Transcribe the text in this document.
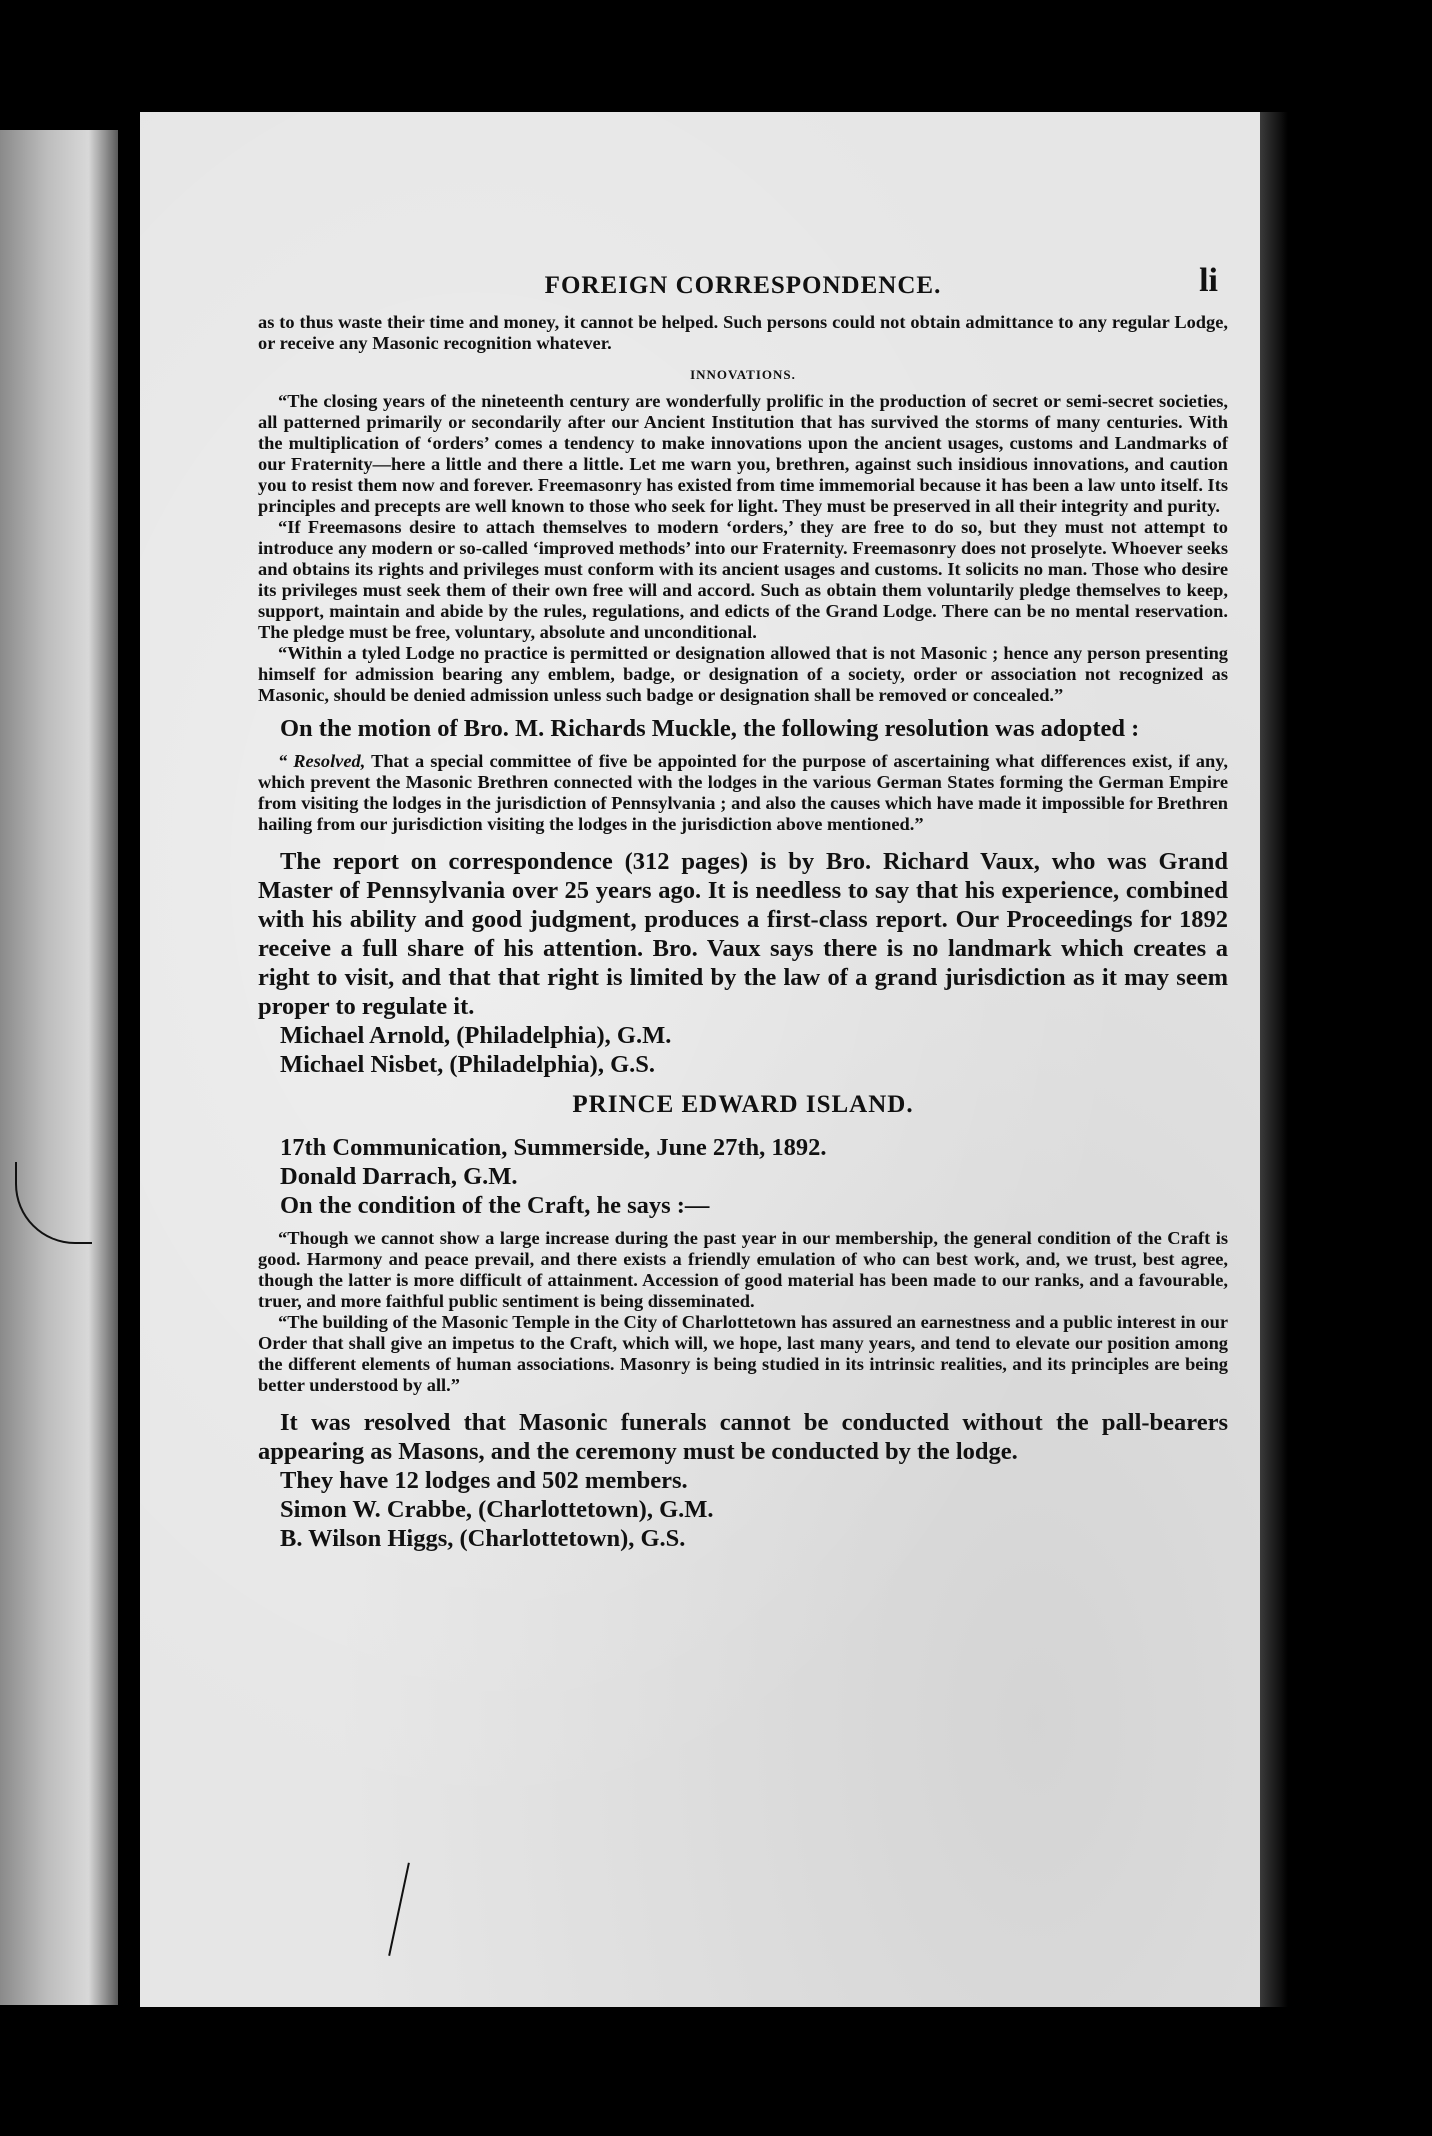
FOREIGN CORRESPONDENCE.	li

as to thus waste their time and money, it cannot be helped. Such persons could not obtain admittance to any regular Lodge, or receive any Masonic recognition whatever.

INNOVATIONS.

“The closing years of the nineteenth century are wonderfully prolific in the production of secret or semi-secret societies, all patterned primarily or secondarily after our Ancient Institution that has survived the storms of many centuries. With the multiplication of ‘orders’ comes a tendency to make innovations upon the ancient usages, customs and Landmarks of our Fraternity—here a little and there a little. Let me warn you, brethren, against such insidious innovations, and caution you to resist them now and forever. Freemasonry has existed from time immemorial because it has been a law unto itself. Its principles and precepts are well known to those who seek for light. They must be preserved in all their integrity and purity.

“If Freemasons desire to attach themselves to modern ‘orders,’ they are free to do so, but they must not attempt to introduce any modern or so-called ‘improved methods’ into our Fraternity. Freemasonry does not proselyte. Whoever seeks and obtains its rights and privileges must conform with its ancient usages and customs. It solicits no man. Those who desire its privileges must seek them of their own free will and accord. Such as obtain them voluntarily pledge themselves to keep, support, maintain and abide by the rules, regulations, and edicts of the Grand Lodge. There can be no mental reservation. The pledge must be free, voluntary, absolute and unconditional.

“Within a tyled Lodge no practice is permitted or designation allowed that is not Masonic ; hence any person presenting himself for admission bearing any emblem, badge, or designation of a society, order or association not recognized as Masonic, should be denied admission unless such badge or designation shall be removed or concealed.”

On the motion of Bro. M. Richards Muckle, the following resolution was adopted :

“ Resolved, That a special committee of five be appointed for the purpose of ascertaining what differences exist, if any, which prevent the Masonic Brethren connected with the lodges in the various German States forming the German Empire from visiting the lodges in the jurisdiction of Pennsylvania ; and also the causes which have made it impossible for Brethren hailing from our jurisdiction visiting the lodges in the jurisdiction above mentioned.”

The report on correspondence (312 pages) is by Bro. Richard Vaux, who was Grand Master of Pennsylvania over 25 years ago. It is needless to say that his experience, combined with his ability and good judgment, produces a first-class report. Our Proceedings for 1892 receive a full share of his attention. Bro. Vaux says there is no landmark which creates a right to visit, and that that right is limited by the law of a grand jurisdiction as it may seem proper to regulate it.

Michael Arnold, (Philadelphia), G.M.

Michael Nisbet, (Philadelphia), G.S.

PRINCE EDWARD ISLAND.

17th Communication, Summerside, June 27th, 1892.

Donald Darrach, G.M.

On the condition of the Craft, he says :—

“Though we cannot show a large increase during the past year in our membership, the general condition of the Craft is good. Harmony and peace prevail, and there exists a friendly emulation of who can best work, and, we trust, best agree, though the latter is more difficult of attainment. Accession of good material has been made to our ranks, and a favourable, truer, and more faithful public sentiment is being disseminated.

“The building of the Masonic Temple in the City of Charlottetown has assured an earnestness and a public interest in our Order that shall give an impetus to the Craft, which will, we hope, last many years, and tend to elevate our position among the different elements of human associations. Masonry is being studied in its intrinsic realities, and its principles are being better understood by all.”

It was resolved that Masonic funerals cannot be conducted without the pall-bearers appearing as Masons, and the ceremony must be conducted by the lodge.

They have 12 lodges and 502 members.

Simon W. Crabbe, (Charlottetown), G.M.

B. Wilson Higgs, (Charlottetown), G.S.
